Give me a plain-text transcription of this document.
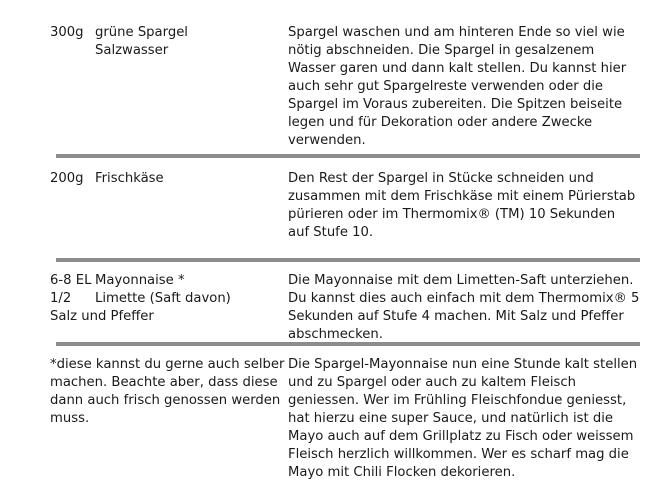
300g grüne Spargel
Salzwasser

Spargel waschen und am hinteren Ende so viel wie nötig abschneiden. Die Spargel in gesalzenem Wasser garen und dann kalt stellen. Du kannst hier auch sehr gut Spargelreste verwenden oder die Spargel im Voraus zubereiten. Die Spitzen beiseite legen und für Dekoration oder andere Zwecke verwenden.

200g Frischkäse	Den Rest der Spargel in Stücke schneiden und zusammen mit dem Frischkäse mit einem Pürierstab pürieren oder im Thermomix® (TM) 10 Sekunden auf Stufe 10.

6-8 EL Mayonnaise *
1/2	Limette (Saft davon)
Salz und Pfeffer

Die Mayonnaise mit dem Limetten-Saft unterziehen. Du kannst dies auch einfach mit dem Thermomix® 5 Sekunden auf Stufe 4 machen. Mit Salz und Pfeffer abschmecken.

*diese kannst du gerne auch selber machen. Beachte aber, dass diese dann auch frisch genossen werden muss.

Die Spargel-Mayonnaise nun eine Stunde kalt stellen und zu Spargel oder auch zu kaltem Fleisch geniessen. Wer im Frühling Fleischfondue geniesst, hat hierzu eine super Sauce, und natürlich ist die Mayo auch auf dem Grillplatz zu Fisch oder weissem Fleisch herzlich willkommen. Wer es scharf mag die Mayo mit Chili Flocken dekorieren.
